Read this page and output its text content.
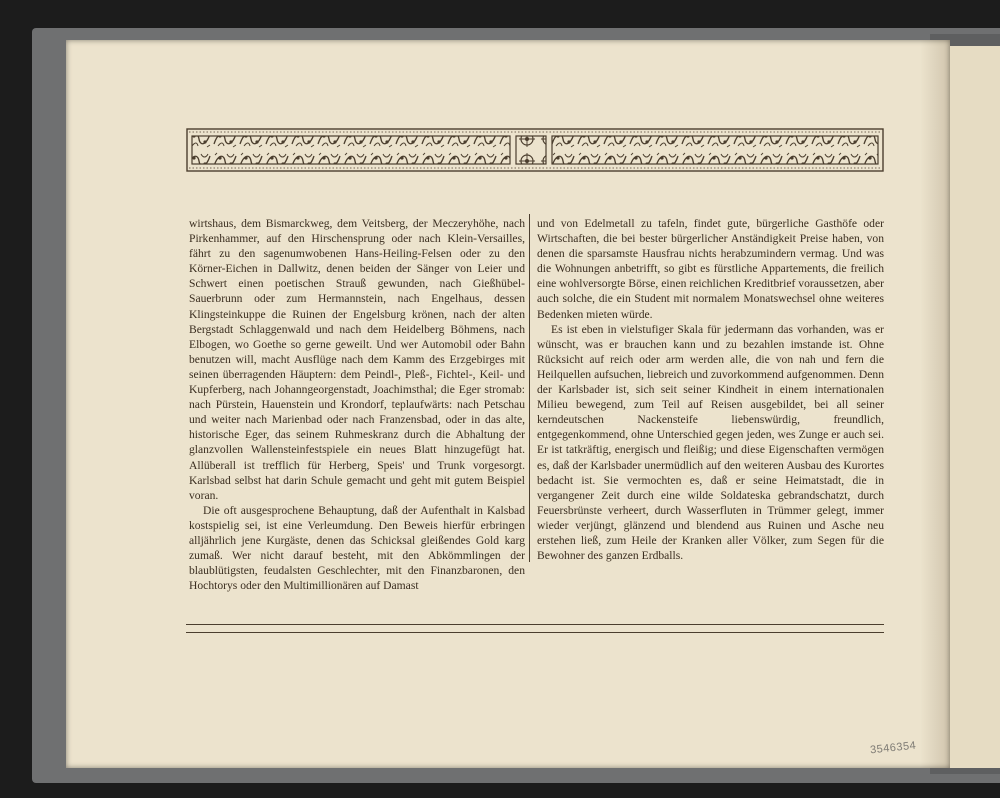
wirtshaus, dem Bismarckweg, dem Veitsberg, der Meczeryhöhe, nach Pirkenhammer, auf den Hirschensprung oder nach Klein-Versailles, fährt zu den sagenumwobenen Hans-Heiling-Felsen oder zu den Körner-Eichen in Dallwitz, denen beiden der Sänger von Leier und Schwert einen poetischen Strauß gewunden, nach Gießhübel-Sauerbrunn oder zum Hermannstein, nach Engelhaus, dessen Klingsteinkuppe die Ruinen der Engelsburg krönen, nach der alten Bergstadt Schlaggenwald und nach dem Heidelberg Böhmens, nach Elbogen, wo Goethe so gerne geweilt. Und wer Automobil oder Bahn benutzen will, macht Ausflüge nach dem Kamm des Erzgebirges mit seinen überragenden Häuptern: dem Peindl-, Pleß-, Fichtel-, Keil- und Kupferberg, nach Johanngeorgenstadt, Joachimsthal; die Eger stromab: nach Pürstein, Hauenstein und Krondorf, teplaufwärts: nach Petschau und weiter nach Marienbad oder nach Franzensbad, oder in das alte, historische Eger, das seinem Ruhmeskranz durch die Abhaltung der glanzvollen Wallensteinfestspiele ein neues Blatt hinzugefügt hat. Allüberall ist trefflich für Herberg, Speis' und Trunk vorgesorgt. Karlsbad selbst hat darin Schule gemacht und geht mit gutem Beispiel voran.

Die oft ausgesprochene Behauptung, daß der Aufenthalt in Kalsbad kostspielig sei, ist eine Verleumdung. Den Beweis hierfür erbringen alljährlich jene Kurgäste, denen das Schicksal gleißendes Gold karg zumaß. Wer nicht darauf besteht, mit den Abkömmlingen der blaublütigsten, feudalsten Geschlechter, mit den Finanzbaronen, den Hochtorys oder den Multimillionären auf Damast

und von Edelmetall zu tafeln, findet gute, bürgerliche Gasthöfe oder Wirtschaften, die bei bester bürgerlicher Anständigkeit Preise haben, von denen die sparsamste Hausfrau nichts herabzumindern vermag. Und was die Wohnungen anbetrifft, so gibt es fürstliche Appartements, die freilich eine wohlversorgte Börse, einen reichlichen Kreditbrief voraussetzen, aber auch solche, die ein Student mit normalem Monatswechsel ohne weiteres Bedenken mieten würde.

Es ist eben in vielstufiger Skala für jedermann das vorhanden, was er wünscht, was er brauchen kann und zu bezahlen imstande ist. Ohne Rücksicht auf reich oder arm werden alle, die von nah und fern die Heilquellen aufsuchen, liebreich und zuvorkommend aufgenommen. Denn der Karlsbader ist, sich seit seiner Kindheit in einem internationalen Milieu bewegend, zum Teil auf Reisen ausgebildet, bei all seiner kerndeutschen Nackensteife liebenswürdig, freundlich, entgegenkommend, ohne Unterschied gegen jeden, wes Zunge er auch sei. Er ist tatkräftig, energisch und fleißig; und diese Eigenschaften vermögen es, daß der Karlsbader unermüdlich auf den weiteren Ausbau des Kurortes bedacht ist. Sie vermochten es, daß er seine Heimatstadt, die in vergangener Zeit durch eine wilde Soldateska gebrandschatzt, durch Feuersbrünste verheert, durch Wasserfluten in Trümmer gelegt, immer wieder verjüngt, glänzend und blendend aus Ruinen und Asche neu erstehen ließ, zum Heile der Kranken aller Völker, zum Segen für die Bewohner des ganzen Erdballs.

3546354
